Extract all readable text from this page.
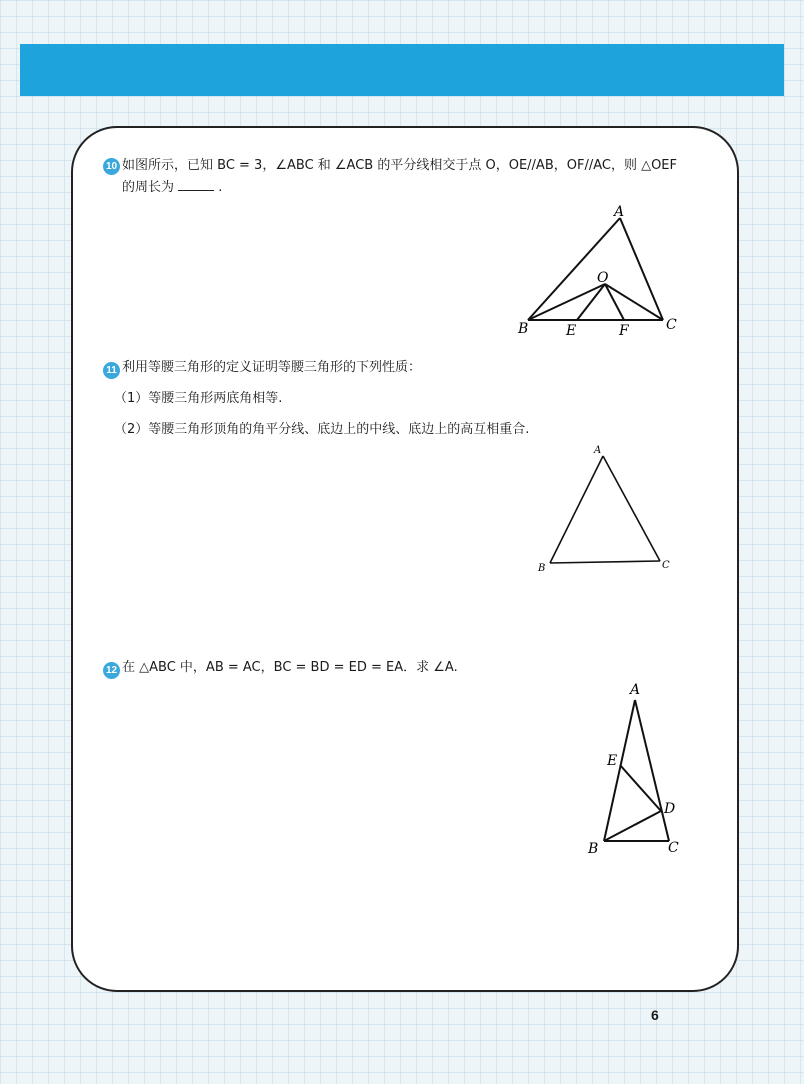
10 如图所示，已知 BC = 3，∠ABC 和 ∠ACB 的平分线相交于点 O，OE//AB，OF//AC，则 △OEF
的周长为	.
A
O
B	C
E	F
11 利用等腰三角形的定义证明等腰三角形的下列性质：
（1）等腰三角形两底角相等.
（2）等腰三角形顶角的角平分线、底边上的中线、底边上的高互相重合.
A
B	C
12 在 △ABC 中，AB = AC，BC = BD = ED = EA．求 ∠A.
A
E
D
B	C
6
